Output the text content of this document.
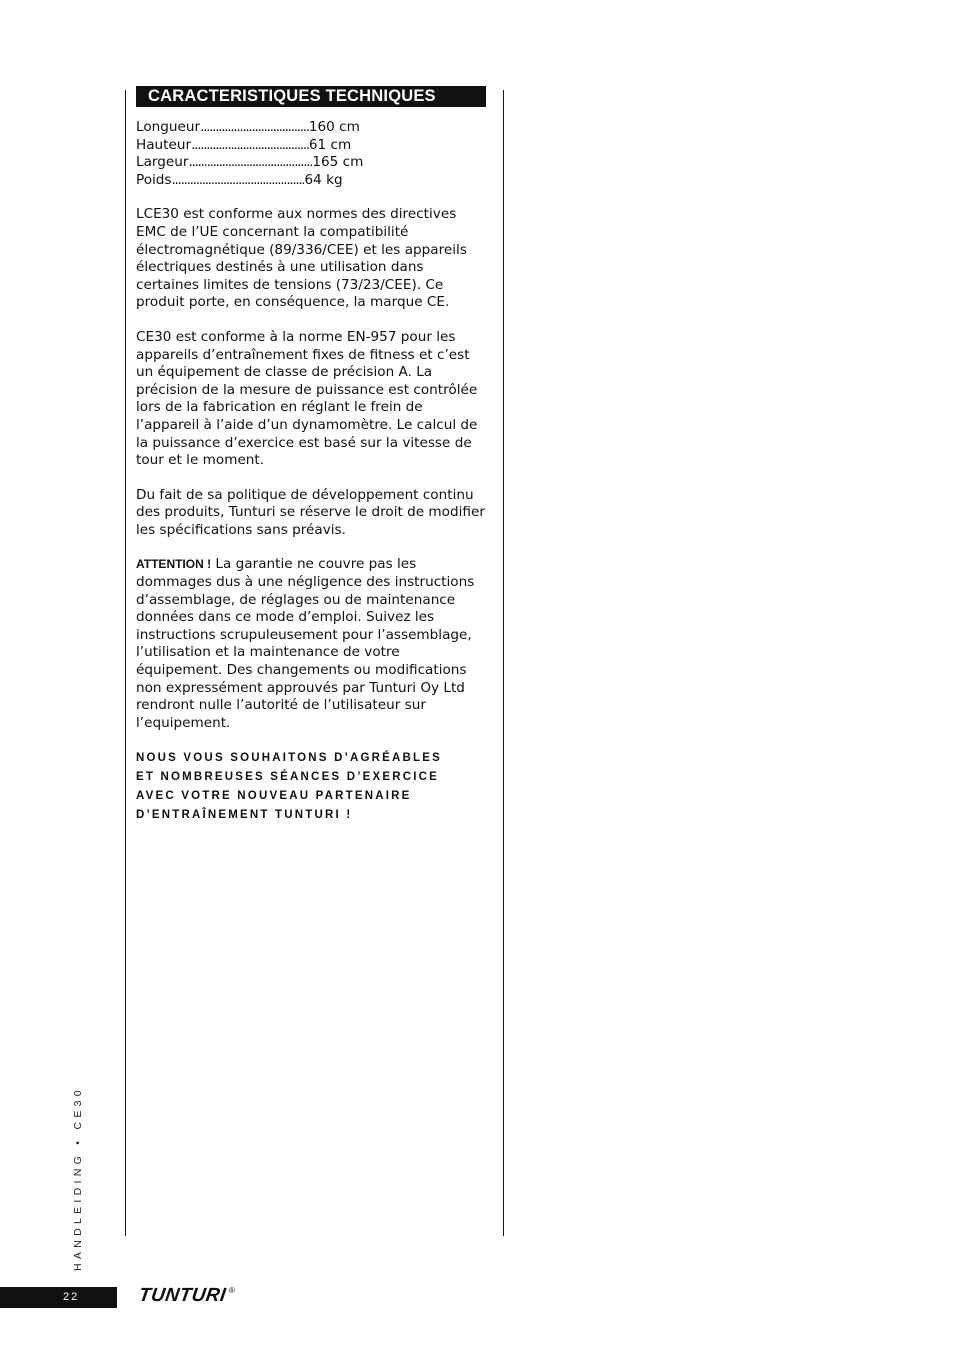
CARACTERISTIQUES TECHNIQUES
Longueur .................................... 160 cm
Hauteur ....................................... 61 cm
Largeur ......................................... 165 cm
Poids ............................................ 64 kg

LCE30 est conforme aux normes des directives EMC de l’UE concernant la compatibilité électromagnétique (89/336/CEE) et les appareils électriques destinés à une utilisation dans certaines limites de tensions (73/23/CEE). Ce produit porte, en conséquence, la marque CE.

CE30 est conforme à la norme EN-957 pour les appareils d’entraînement fixes de fitness et c’est un équipement de classe de précision A. La précision de la mesure de puissance est contrôlée lors de la fabrication en réglant le frein de l’appareil à l’aide d’un dynamomètre. Le calcul de la puissance d’exercice est basé sur la vitesse de tour et le moment.

Du fait de sa politique de développement continu des produits, Tunturi se réserve le droit de modifier les spécifications sans préavis.

ATTENTION ! La garantie ne couvre pas les dommages dus à une négligence des instructions d’assemblage, de réglages ou de maintenance données dans ce mode d’emploi. Suivez les instructions scrupuleusement pour l’assemblage, l’utilisation et la maintenance de votre équipement. Des changements ou modifications non expressément approuvés par Tunturi Oy Ltd rendront nulle l’autorité de l’utilisateur sur l’equipement.

NOUS VOUS SOUHAITONS D’AGRÉABLES

ET NOMBREUSES SÉANCES D’EXERCICE

AVEC VOTRE NOUVEAU PARTENAIRE

D’ENTRAÎNEMENT TUNTURI !

HANDLEIDING • CE30
22	TUNTURI ®
